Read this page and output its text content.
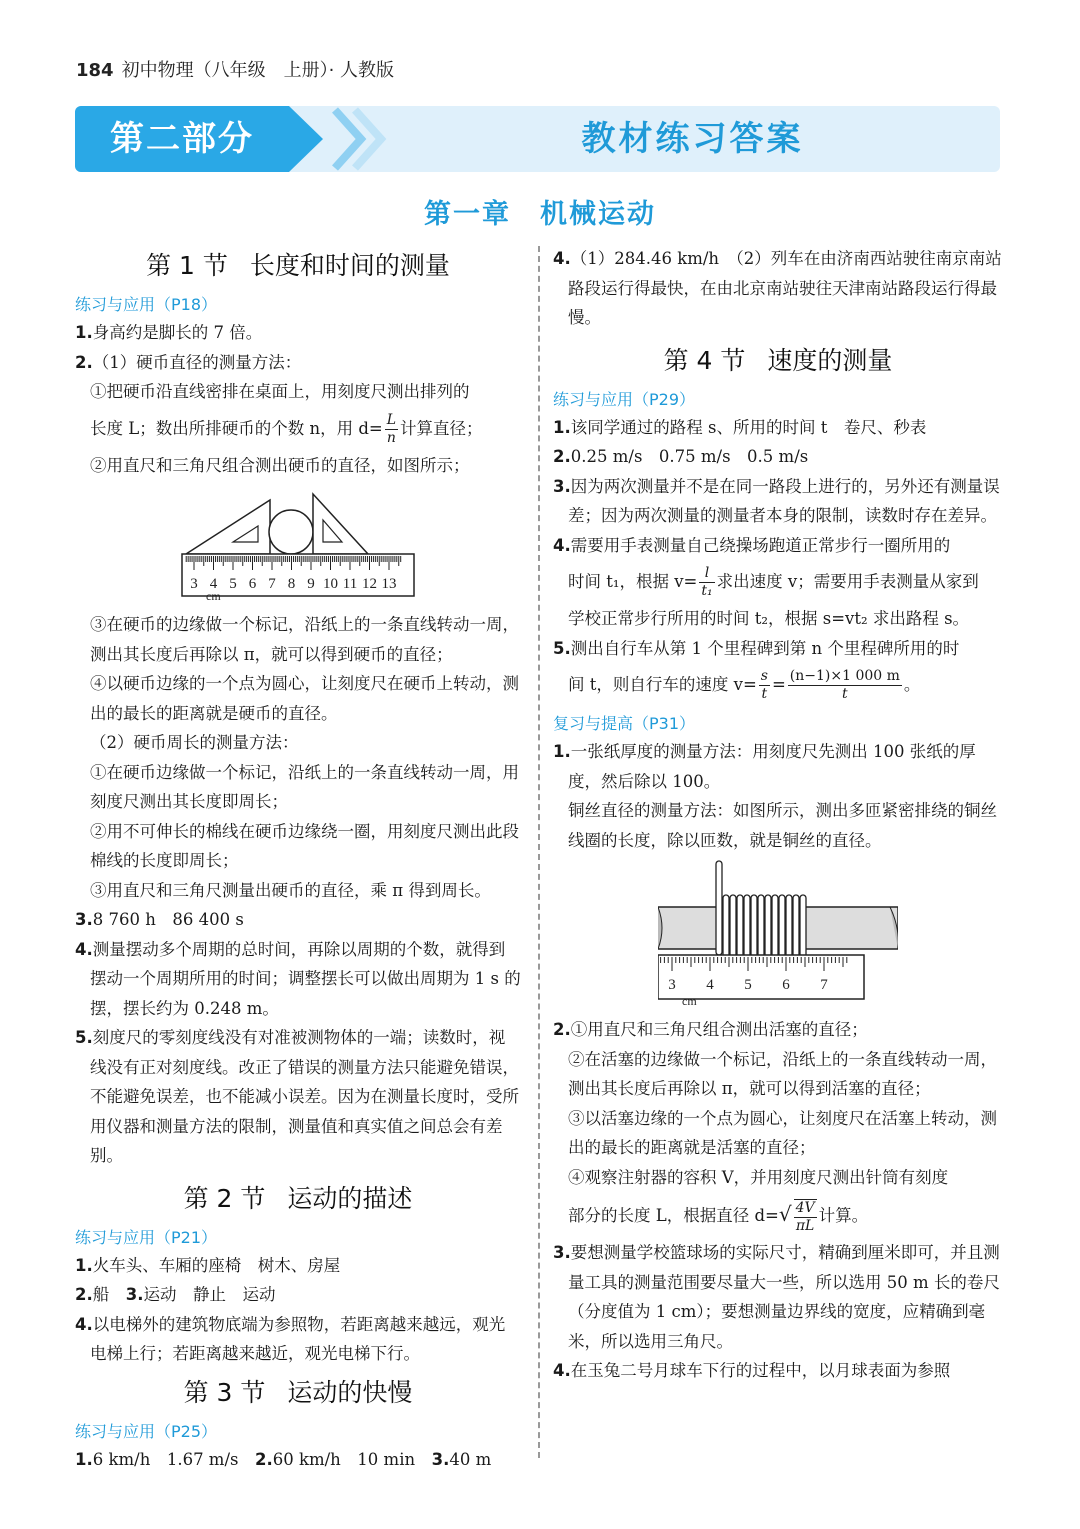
184 初中物理（八年级　上册）· 人教版
第二部分	教材练习答案
第一章　机械运动
第 1 节 长度和时间的测量
练习与应用（P18）
1.身高约是脚长的 7 倍。
2.（1）硬币直径的测量方法：
①把硬币沿直线密排在桌面上，用刻度尺测出排列的
长度 L；数出所排硬币的个数 n，用 $d= \frac{L}{n}$ 计算直径；
②用直尺和三角尺组合测出硬币的直径，如图所示；
3 4 5 6 7 8 9 10 11 12 13
cm
③在硬币的边缘做一个标记，沿纸上的一条直线转动一周，测出其长度后再除以 π，就可以得到硬币的直径；
④以硬币边缘的一个点为圆心，让刻度尺在硬币上转动，测出的最长的距离就是硬币的直径。
（2）硬币周长的测量方法：
①在硬币边缘做一个标记，沿纸上的一条直线转动一周，用刻度尺测出其长度即周长；
②用不可伸长的棉线在硬币边缘绕一圈，用刻度尺测出此段棉线的长度即周长；
③用直尺和三角尺测量出硬币的直径，乘 π 得到周长。
3.8 760 h　86 400 s
4.测量摆动多个周期的总时间，再除以周期的个数，就得到摆动一个周期所用的时间；调整摆长可以做出周期为 1 s 的摆，摆长约为 0.248 m。
5.刻度尺的零刻度线没有对准被测物体的一端；读数时，视线没有正对刻度线。改正了错误的测量方法只能避免错误，不能避免误差，也不能减小误差。因为在测量长度时，受所用仪器和测量方法的限制，测量值和真实值之间总会有差别。
第 2 节 运动的描述
练习与应用（P21）
1.火车头、车厢的座椅　树木、房屋
2.船　 3.运动　静止　运动
4.以电梯外的建筑物底端为参照物，若距离越来越远，观光电梯上行；若距离越来越近，观光电梯下行。
第 3 节 运动的快慢
练习与应用（P25）
1.6 km/h　1.67 m/s　 2.60 km/h　10 min　 3.40 m
4.（1）284.46 km/h　（2）列车在由济南西站驶往南京南站路段运行得最快，在由北京南站驶往天津南站路段运行得最慢。
第 4 节 速度的测量
练习与应用（P29）
1.该同学通过的路程 s、所用的时间 t　卷尺、秒表
2.0.25 m/s　0.75 m/s　0.5 m/s
3.因为两次测量并不是在同一路段上进行的，另外还有测量误差；因为两次测量的测量者本身的限制，读数时存在差异。
4.需要用手表测量自己绕操场跑道正常步行一圈所用的
时间 t₁，根据 $v= \frac{l}{\text{t₁}}$ 求出速度 v；需要用手表测量从家到
学校正常步行所用的时间 t₂，根据 s=vt₂ 求出路程 s。
5.测出自行车从第 1 个里程碑到第 n 个里程碑所用的时
间 t，则自行车的速度 $v= \frac{s}{t} = \frac{(n-1)\times 1 000 m}{t}$ 。
复习与提高（P31）
1.一张纸厚度的测量方法：用刻度尺先测出 100 张纸的厚度，然后除以 100。
铜丝直径的测量方法：如图所示，测出多匝紧密排绕的铜丝线圈的长度，除以匝数，就是铜丝的直径。
3 4 5 6 7
cm
2.①用直尺和三角尺组合测出活塞的直径；
②在活塞的边缘做一个标记，沿纸上的一条直线转动一周，测出其长度后再除以 π，就可以得到活塞的直径；
③以活塞边缘的一个点为圆心，让刻度尺在活塞上转动，测出的最长的距离就是活塞的直径；
④观察注射器的容积 V，并用刻度尺测出针筒有刻度
部分的长度 L，根据直径 $d=√ \frac{4V}{\pi L}$ 计算。
3.要想测量学校篮球场的实际尺寸，精确到厘米即可，并且测量工具的测量范围要尽量大一些，所以选用 50 m 长的卷尺（分度值为 1 cm）；要想测量边界线的宽度，应精确到毫米，所以选用三角尺。
4.在玉兔二号月球车下行的过程中，以月球表面为参照
